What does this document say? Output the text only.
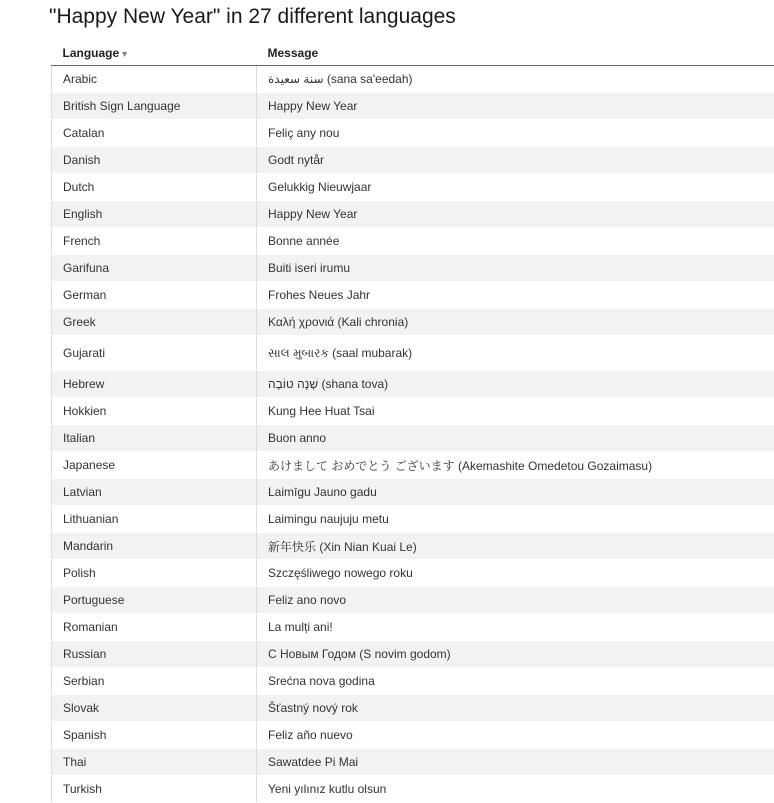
"Happy New Year" in 27 different languages
Language▼	Message
Arabic	سنة سعيدة (sana sa'eedah)
British Sign Language	Happy New Year
Catalan	Feliç any nou
Danish	Godt nytår
Dutch	Gelukkig Nieuwjaar
English	Happy New Year
French	Bonne année
Garifuna	Buiti iseri irumu
German	Frohes Neues Jahr
Greek	Καλή χρονιά (Kali chronia)
Gujarati	સાલ મુબારક (saal mubarak)
Hebrew	שָׁנָה טוֹבָה (shana tova)
Hokkien	Kung Hee Huat Tsai
Italian	Buon anno
Japanese	あけまして おめでとう ございます (Akemashite Omedetou Gozaimasu)
Latvian	Laimīgu Jauno gadu
Lithuanian	Laimingu naujuju metu
Mandarin	新年快乐 (Xin Nian Kuai Le)
Polish	Szczęśliwego nowego roku
Portuguese	Feliz ano novo
Romanian	La mulți ani!
Russian	С Новым Годом (S novim godom)
Serbian	Srećna nova godina
Slovak	Šťastný nový rok
Spanish	Feliz año nuevo
Thai	Sawatdee Pi Mai
Turkish	Yeni yılınız kutlu olsun
